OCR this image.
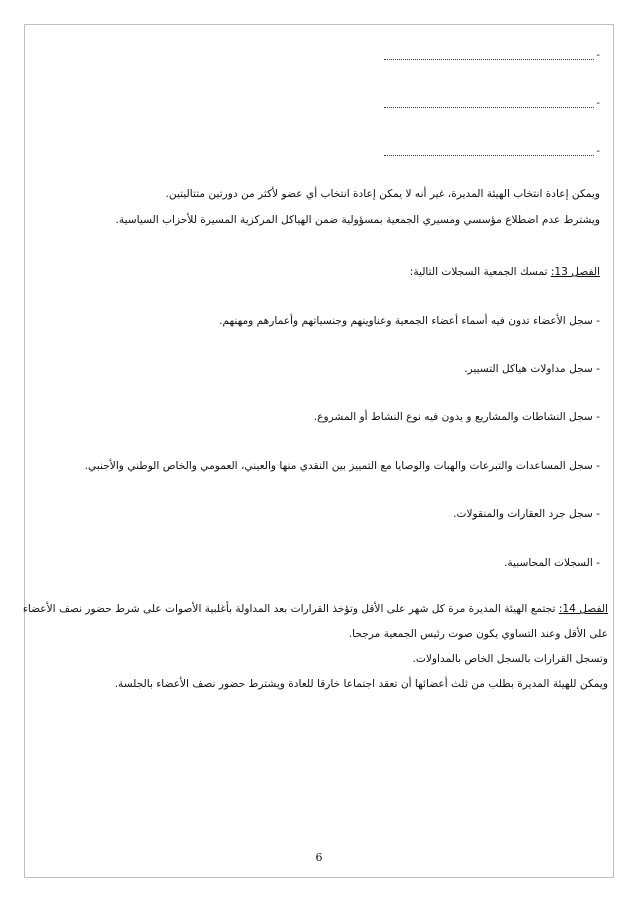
-
-
-
ويمكن إعادة انتخاب الهيئة المديرة، غير أنه لا يمكن إعادة انتخاب أي عضو لأكثر من دورتين متتاليتين.
ويشترط عدم اضطلاع مؤسسي ومسيري الجمعية بمسؤولية ضمن الهياكل المركزية المسيرة للأحزاب السياسية.
الفصل 13: تمسك الجمعية السجلات التالية:
- سجل الأعضاء تدون فيه أسماء أعضاء الجمعية وعناوينهم وجنسياتهم وأعمارهم ومهنهم.
- سجل مداولات هياكل التسيير.
- سجل النشاطات والمشاريع و يدون فيه نوع النشاط أو المشروع.
- سجل المساعدات والتبرعات والهبات والوصايا مع التمييز بين النقدي منها والعيني، العمومي والخاص الوطني والأجنبي.
- سجل جرد العقارات والمنقولات.
- السجلات المحاسبية.
الفصل 14: تجتمع الهيئة المديرة مرة كل شهر على الأقل وتؤخذ القرارات بعد المداولة بأغلبية الأصوات على شرط حضور نصف الأعضاء
على الأقل وعند التساوي يكون صوت رئيس الجمعية مرجحا.
وتسجل القرارات بالسجل الخاص بالمداولات.
ويمكن للهيئة المديرة بطلب من ثلث أعضائها أن تعقد اجتماعا خارقا للعادة ويشترط حضور نصف الأعضاء بالجلسة.
6
